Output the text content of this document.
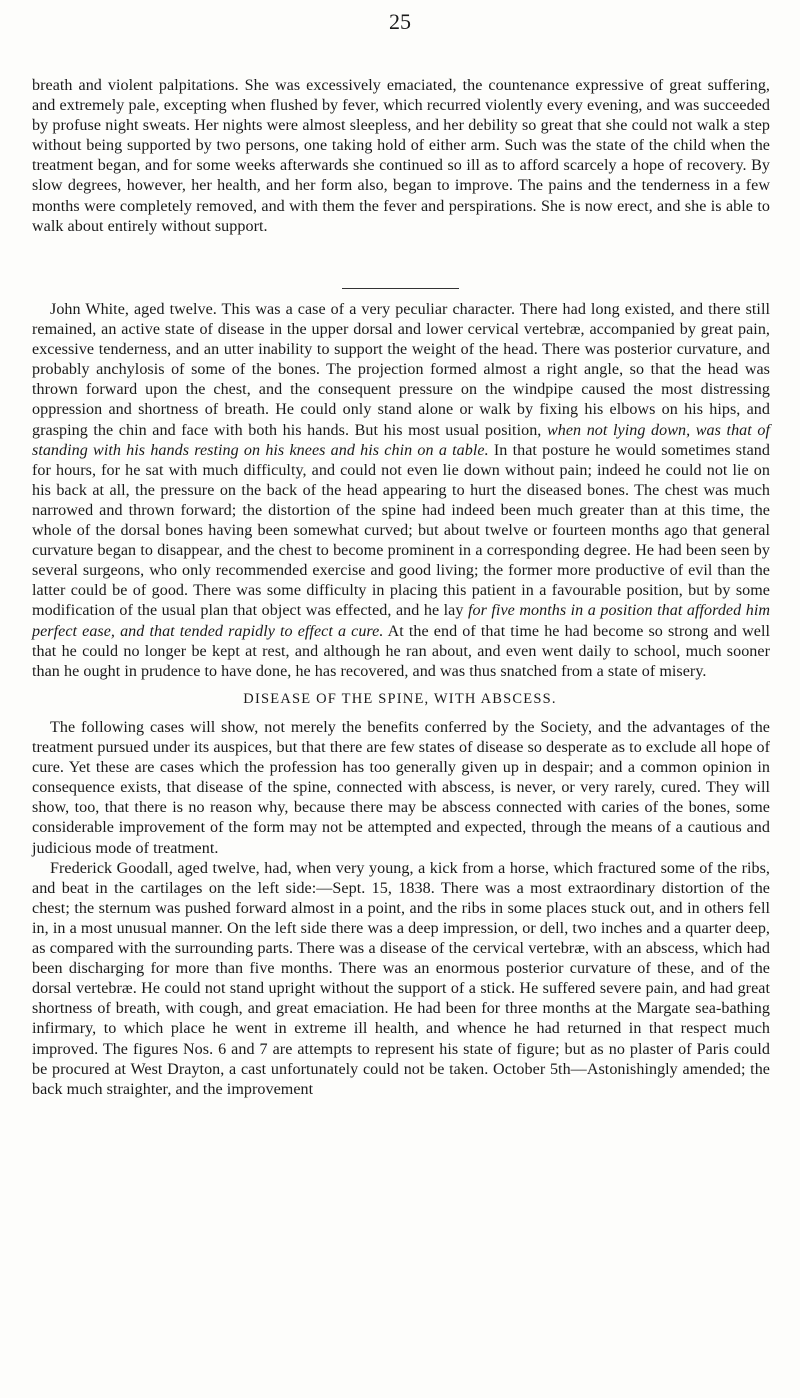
25

breath and violent palpitations. She was excessively emaciated, the countenance expressive of great suffering, and extremely pale, excepting when flushed by fever, which recurred violently every evening, and was succeeded by profuse night sweats. Her nights were almost sleepless, and her debility so great that she could not walk a step without being supported by two persons, one taking hold of either arm. Such was the state of the child when the treatment began, and for some weeks afterwards she continued so ill as to afford scarcely a hope of recovery. By slow degrees, however, her health, and her form also, began to improve. The pains and the tenderness in a few months were completely removed, and with them the fever and perspirations. She is now erect, and she is able to walk about entirely without support.

John White, aged twelve. This was a case of a very peculiar character. There had long existed, and there still remained, an active state of disease in the upper dorsal and lower cervical vertebræ, accompanied by great pain, excessive tenderness, and an utter inability to support the weight of the head. There was posterior curvature, and probably anchylosis of some of the bones. The projection formed almost a right angle, so that the head was thrown forward upon the chest, and the consequent pressure on the windpipe caused the most distressing oppression and shortness of breath. He could only stand alone or walk by fixing his elbows on his hips, and grasping the chin and face with both his hands. But his most usual position, when not lying down, was that of standing with his hands resting on his knees and his chin on a table. In that posture he would sometimes stand for hours, for he sat with much difficulty, and could not even lie down without pain; indeed he could not lie on his back at all, the pressure on the back of the head appearing to hurt the diseased bones. The chest was much narrowed and thrown forward; the distortion of the spine had indeed been much greater than at this time, the whole of the dorsal bones having been somewhat curved; but about twelve or fourteen months ago that general curvature began to disappear, and the chest to become prominent in a corresponding degree. He had been seen by several surgeons, who only recommended exercise and good living; the former more productive of evil than the latter could be of good. There was some difficulty in placing this patient in a favourable position, but by some modification of the usual plan that object was effected, and he lay for five months in a position that afforded him perfect ease, and that tended rapidly to effect a cure. At the end of that time he had become so strong and well that he could no longer be kept at rest, and although he ran about, and even went daily to school, much sooner than he ought in prudence to have done, he has recovered, and was thus snatched from a state of misery.

DISEASE OF THE SPINE, WITH ABSCESS.

The following cases will show, not merely the benefits conferred by the Society, and the advantages of the treatment pursued under its auspices, but that there are few states of disease so desperate as to exclude all hope of cure. Yet these are cases which the profession has too generally given up in despair; and a common opinion in consequence exists, that disease of the spine, connected with abscess, is never, or very rarely, cured. They will show, too, that there is no reason why, because there may be abscess connected with caries of the bones, some considerable improvement of the form may not be attempted and expected, through the means of a cautious and judicious mode of treatment.

Frederick Goodall, aged twelve, had, when very young, a kick from a horse, which fractured some of the ribs, and beat in the cartilages on the left side:—Sept. 15, 1838. There was a most extraordinary distortion of the chest; the sternum was pushed forward almost in a point, and the ribs in some places stuck out, and in others fell in, in a most unusual manner. On the left side there was a deep impression, or dell, two inches and a quarter deep, as compared with the surrounding parts. There was a disease of the cervical vertebræ, with an abscess, which had been discharging for more than five months. There was an enormous posterior curvature of these, and of the dorsal vertebræ. He could not stand upright without the support of a stick. He suffered severe pain, and had great shortness of breath, with cough, and great emaciation. He had been for three months at the Margate sea-bathing infirmary, to which place he went in extreme ill health, and whence he had returned in that respect much improved. The figures Nos. 6 and 7 are attempts to represent his state of figure; but as no plaster of Paris could be procured at West Drayton, a cast unfortunately could not be taken. October 5th—Astonishingly amended; the back much straighter, and the improvement
